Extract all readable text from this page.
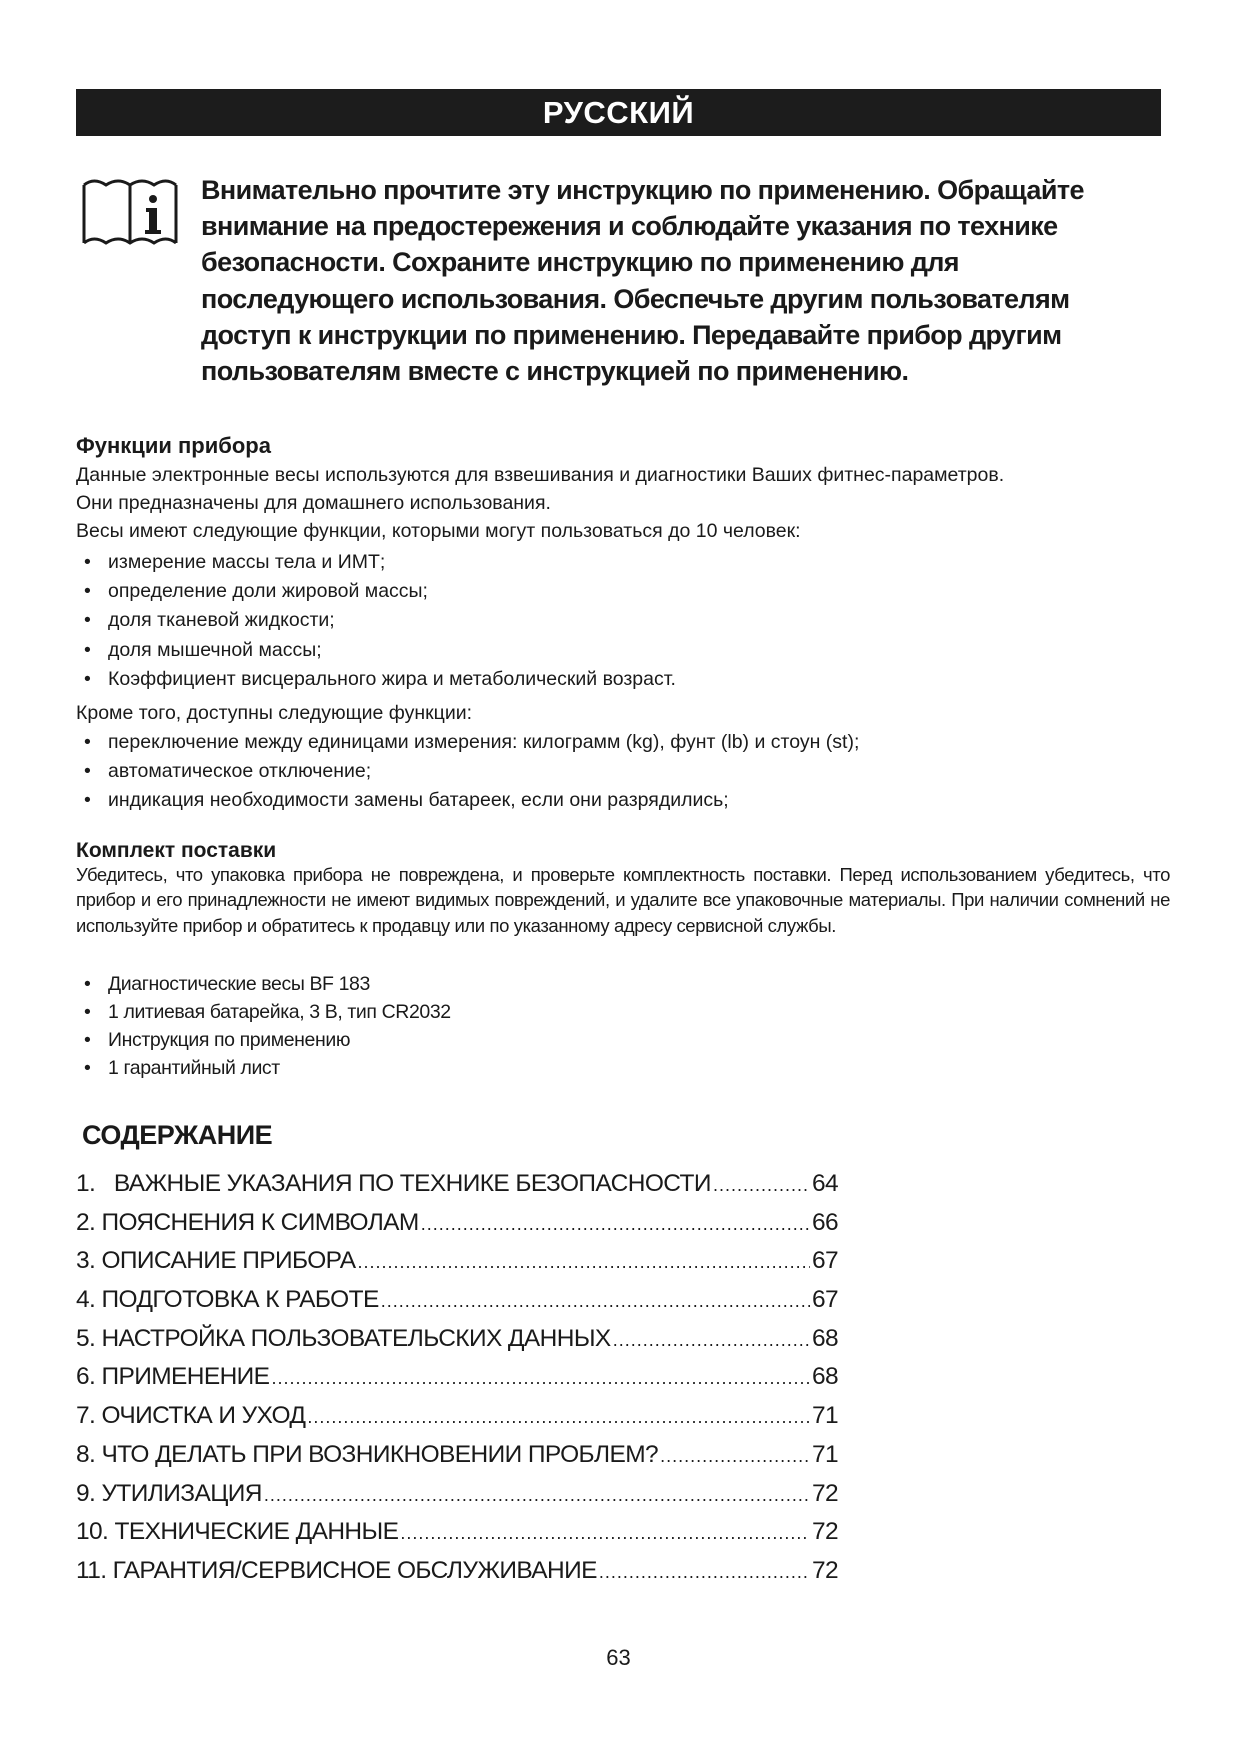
РУССКИЙ
Внимательно прочтите эту инструкцию по применению. Обращайте
внимание на предостережения и соблюдайте указания по технике
безопасности. Сохраните инструкцию по применению для
последующего использования. Обеспечьте другим пользователям
доступ к инструкции по применению. Передавайте прибор другим
пользователям вместе с инструкцией по применению.
Функции прибора
Данные электронные весы используются для взвешивания и диагностики Ваших фитнес-параметров.
Они предназначены для домашнего использования.
Весы имеют следующие функции, которыми могут пользоваться до 10 человек:
• измерение массы тела и ИМТ;
• определение доли жировой массы;
• доля тканевой жидкости;
• доля мышечной массы;
• Коэффициент висцерального жира и метаболический возраст.
Кроме того, доступны следующие функции:
• переключение между единицами измерения: килограмм (kg), фунт (lb) и стоун (st);
• автоматическое отключение;
• индикация необходимости замены батареек, если они разрядились;
Комплект поставки
Убедитесь, что упаковка прибора не повреждена, и проверьте комплектность поставки. Перед использованием убедитесь, что прибор и его принадлежности не имеют видимых повреждений, и удалите все упаковочные материалы. При наличии сомнений не используйте прибор и обратитесь к продавцу или по указанному адресу сервисной службы.
• Диагностические весы BF 183
• 1 литиевая батарейка, 3 В, тип CR2032
• Инструкция по применению
• 1 гарантийный лист
СОДЕРЖАНИЕ
1.   ВАЖНЫЕ УКАЗАНИЯ ПО ТЕХНИКЕ БЕЗОПАСНОСТИ .....	64
2. ПОЯСНЕНИЯ К СИМВОЛАМ .....	66
3. ОПИСАНИЕ ПРИБОРА .....	67
4. ПОДГОТОВКА К РАБОТЕ .....	67
5. НАСТРОЙКА ПОЛЬЗОВАТЕЛЬСКИХ ДАННЫХ .....	68
6. ПРИМЕНЕНИЕ .....	68
7. ОЧИСТКА И УХОД .....	71
8. ЧТО ДЕЛАТЬ ПРИ ВОЗНИКНОВЕНИИ ПРОБЛЕМ? .....	71
9. УТИЛИЗАЦИЯ .....	72
10. ТЕХНИЧЕСКИЕ ДАННЫЕ .....	72
11. ГАРАНТИЯ/СЕРВИСНОЕ ОБСЛУЖИВАНИЕ .....	72
63
